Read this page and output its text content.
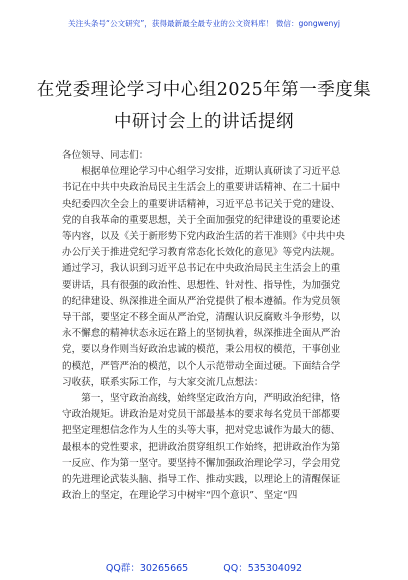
关注头条号“公文研究”，获得最新最全最专业的公文资料库！ 微信：gongwenyj
在党委理论学习中心组2025年第一季度集
中研讨会上的讲话提纲

各位领导、同志们：

根据单位理论学习中心组学习安排，近期认真研读了习近平总书记在中共中央政治局民主生活会上的重要讲话精神、在二十届中央纪委四次全会上的重要讲话精神，习近平总书记关于党的建设、党的自我革命的重要思想，关于全面加强党的纪律建设的重要论述等内容，以及《关于新形势下党内政治生活的若干准则》《中共中央办公厅关于推进党纪学习教育常态化长效化的意见》等党内法规。通过学习，我认识到习近平总书记在中央政治局民主生活会上的重要讲话，具有很强的政治性、思想性、针对性、指导性，为加强党的纪律建设、纵深推进全面从严治党提供了根本遵循。作为党员领导干部，要坚定不移全面从严治党，清醒认识反腐败斗争形势，以永不懈怠的精神状态永远在路上的坚韧执着，纵深推进全面从严治党，要以身作则当好政治忠诚的模范，秉公用权的模范，干事创业的模范，严管严治的模范，以个人示范带动全面过硬。下面结合学习收获，联系实际工作，与大家交流几点想法：

第一，坚守政治高线，始终坚定政治方向，严明政治纪律，恪守政治规矩。讲政治是对党员干部最基本的要求每名党员干部都要把坚定理想信念作为人生的头等大事，把对党忠诚作为最大的德、最根本的党性要求，把讲政治贯穿组织工作始终，把讲政治作为第一反应、作为第一坚守。要坚持不懈加强政治理论学习，学会用党的先进理论武装头脑、指导工作、推动实践，以理论上的清醒保证政治上的坚定，在理论学习中树牢“四个意识”、坚定“四

QQ群：30265665	QQ：535304092
